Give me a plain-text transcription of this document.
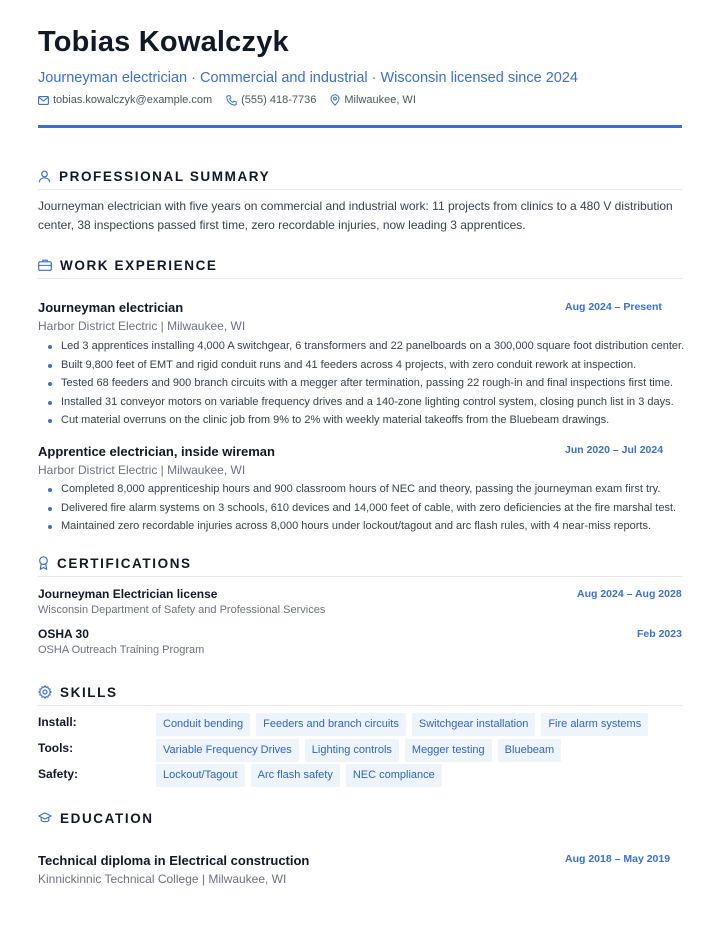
Tobias Kowalczyk
Journeyman electrician · Commercial and industrial · Wisconsin licensed since 2024
tobias.kowalczyk@example.com	(555) 418-7736	Milwaukee, WI
PROFESSIONAL SUMMARY
Journeyman electrician with five years on commercial and industrial work: 11 projects from clinics to a 480 V distribution center, 38 inspections passed first time, zero recordable injuries, now leading 3 apprentices.
WORK EXPERIENCE
Journeyman electrician	Aug 2024 – Present
Harbor District Electric | Milwaukee, WI
Led 3 apprentices installing 4,000 A switchgear, 6 transformers and 22 panelboards on a 300,000 square foot distribution center.
Built 9,800 feet of EMT and rigid conduit runs and 41 feeders across 4 projects, with zero conduit rework at inspection.
Tested 68 feeders and 900 branch circuits with a megger after termination, passing 22 rough-in and final inspections first time.
Installed 31 conveyor motors on variable frequency drives and a 140-zone lighting control system, closing punch list in 3 days.
Cut material overruns on the clinic job from 9% to 2% with weekly material takeoffs from the Bluebeam drawings.
Apprentice electrician, inside wireman	Jun 2020 – Jul 2024
Harbor District Electric | Milwaukee, WI
Completed 8,000 apprenticeship hours and 900 classroom hours of NEC and theory, passing the journeyman exam first try.
Delivered fire alarm systems on 3 schools, 610 devices and 14,000 feet of cable, with zero deficiencies at the fire marshal test.
Maintained zero recordable injuries across 8,000 hours under lockout/tagout and arc flash rules, with 4 near-miss reports.
CERTIFICATIONS
Journeyman Electrician license	Aug 2024 – Aug 2028
Wisconsin Department of Safety and Professional Services
OSHA 30	Feb 2023
OSHA Outreach Training Program
SKILLS
Install:	Conduit bending	Feeders and branch circuits	Switchgear installation	Fire alarm systems
Tools:	Variable Frequency Drives	Lighting controls	Megger testing	Bluebeam
Safety:	Lockout/Tagout	Arc flash safety	NEC compliance
EDUCATION
Technical diploma in Electrical construction	Aug 2018 – May 2019
Kinnickinnic Technical College | Milwaukee, WI
